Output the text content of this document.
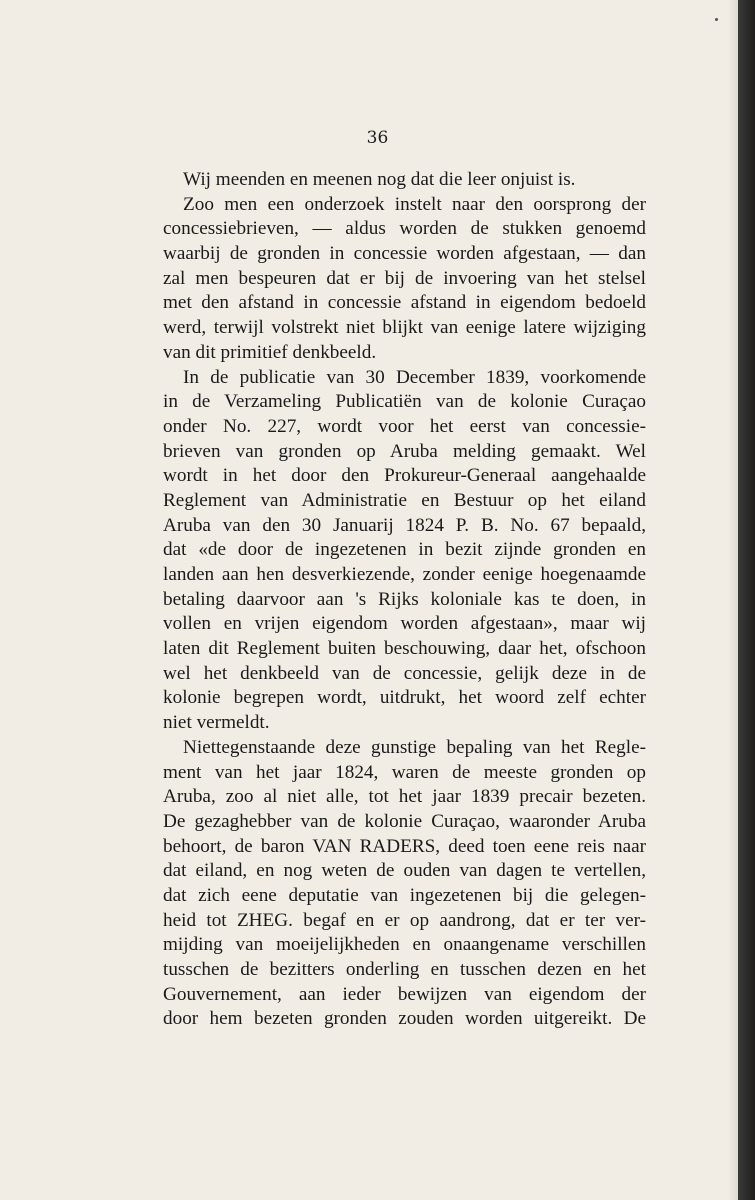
36
Wij meenden en meenen nog dat die leer onjuist is.
Zoo men een onderzoek instelt naar den oorsprong der
concessiebrieven, — aldus worden de stukken genoemd
waarbij de gronden in concessie worden afgestaan, — dan
zal men bespeuren dat er bij de invoering van het stelsel
met den afstand in concessie afstand in eigendom bedoeld
werd, terwijl volstrekt niet blijkt van eenige latere wijziging
van dit primitief denkbeeld.
In de publicatie van 30 December 1839, voorkomende
in de Verzameling Publicatiën van de kolonie Curaçao
onder No. 227, wordt voor het eerst van concessie-
brieven van gronden op Aruba melding gemaakt. Wel
wordt in het door den Prokureur-Generaal aangehaalde
Reglement van Administratie en Bestuur op het eiland
Aruba van den 30 Januarij 1824 P. B. No. 67 bepaald,
dat «de door de ingezetenen in bezit zijnde gronden en
landen aan hen desverkiezende, zonder eenige hoegenaamde
betaling daarvoor aan 's Rijks koloniale kas te doen, in
vollen en vrijen eigendom worden afgestaan», maar wij
laten dit Reglement buiten beschouwing, daar het, ofschoon
wel het denkbeeld van de concessie, gelijk deze in de
kolonie begrepen wordt, uitdrukt, het woord zelf echter
niet vermeldt.
Niettegenstaande deze gunstige bepaling van het Regle-
ment van het jaar 1824, waren de meeste gronden op
Aruba, zoo al niet alle, tot het jaar 1839 precair bezeten.
De gezaghebber van de kolonie Curaçao, waaronder Aruba
behoort, de baron VAN RADERS, deed toen eene reis naar
dat eiland, en nog weten de ouden van dagen te vertellen,
dat zich eene deputatie van ingezetenen bij die gelegen-
heid tot ZHEG. begaf en er op aandrong, dat er ter ver-
mijding van moeijelijkheden en onaangename verschillen
tusschen de bezitters onderling en tusschen dezen en het
Gouvernement, aan ieder bewijzen van eigendom der
door hem bezeten gronden zouden worden uitgereikt. De
